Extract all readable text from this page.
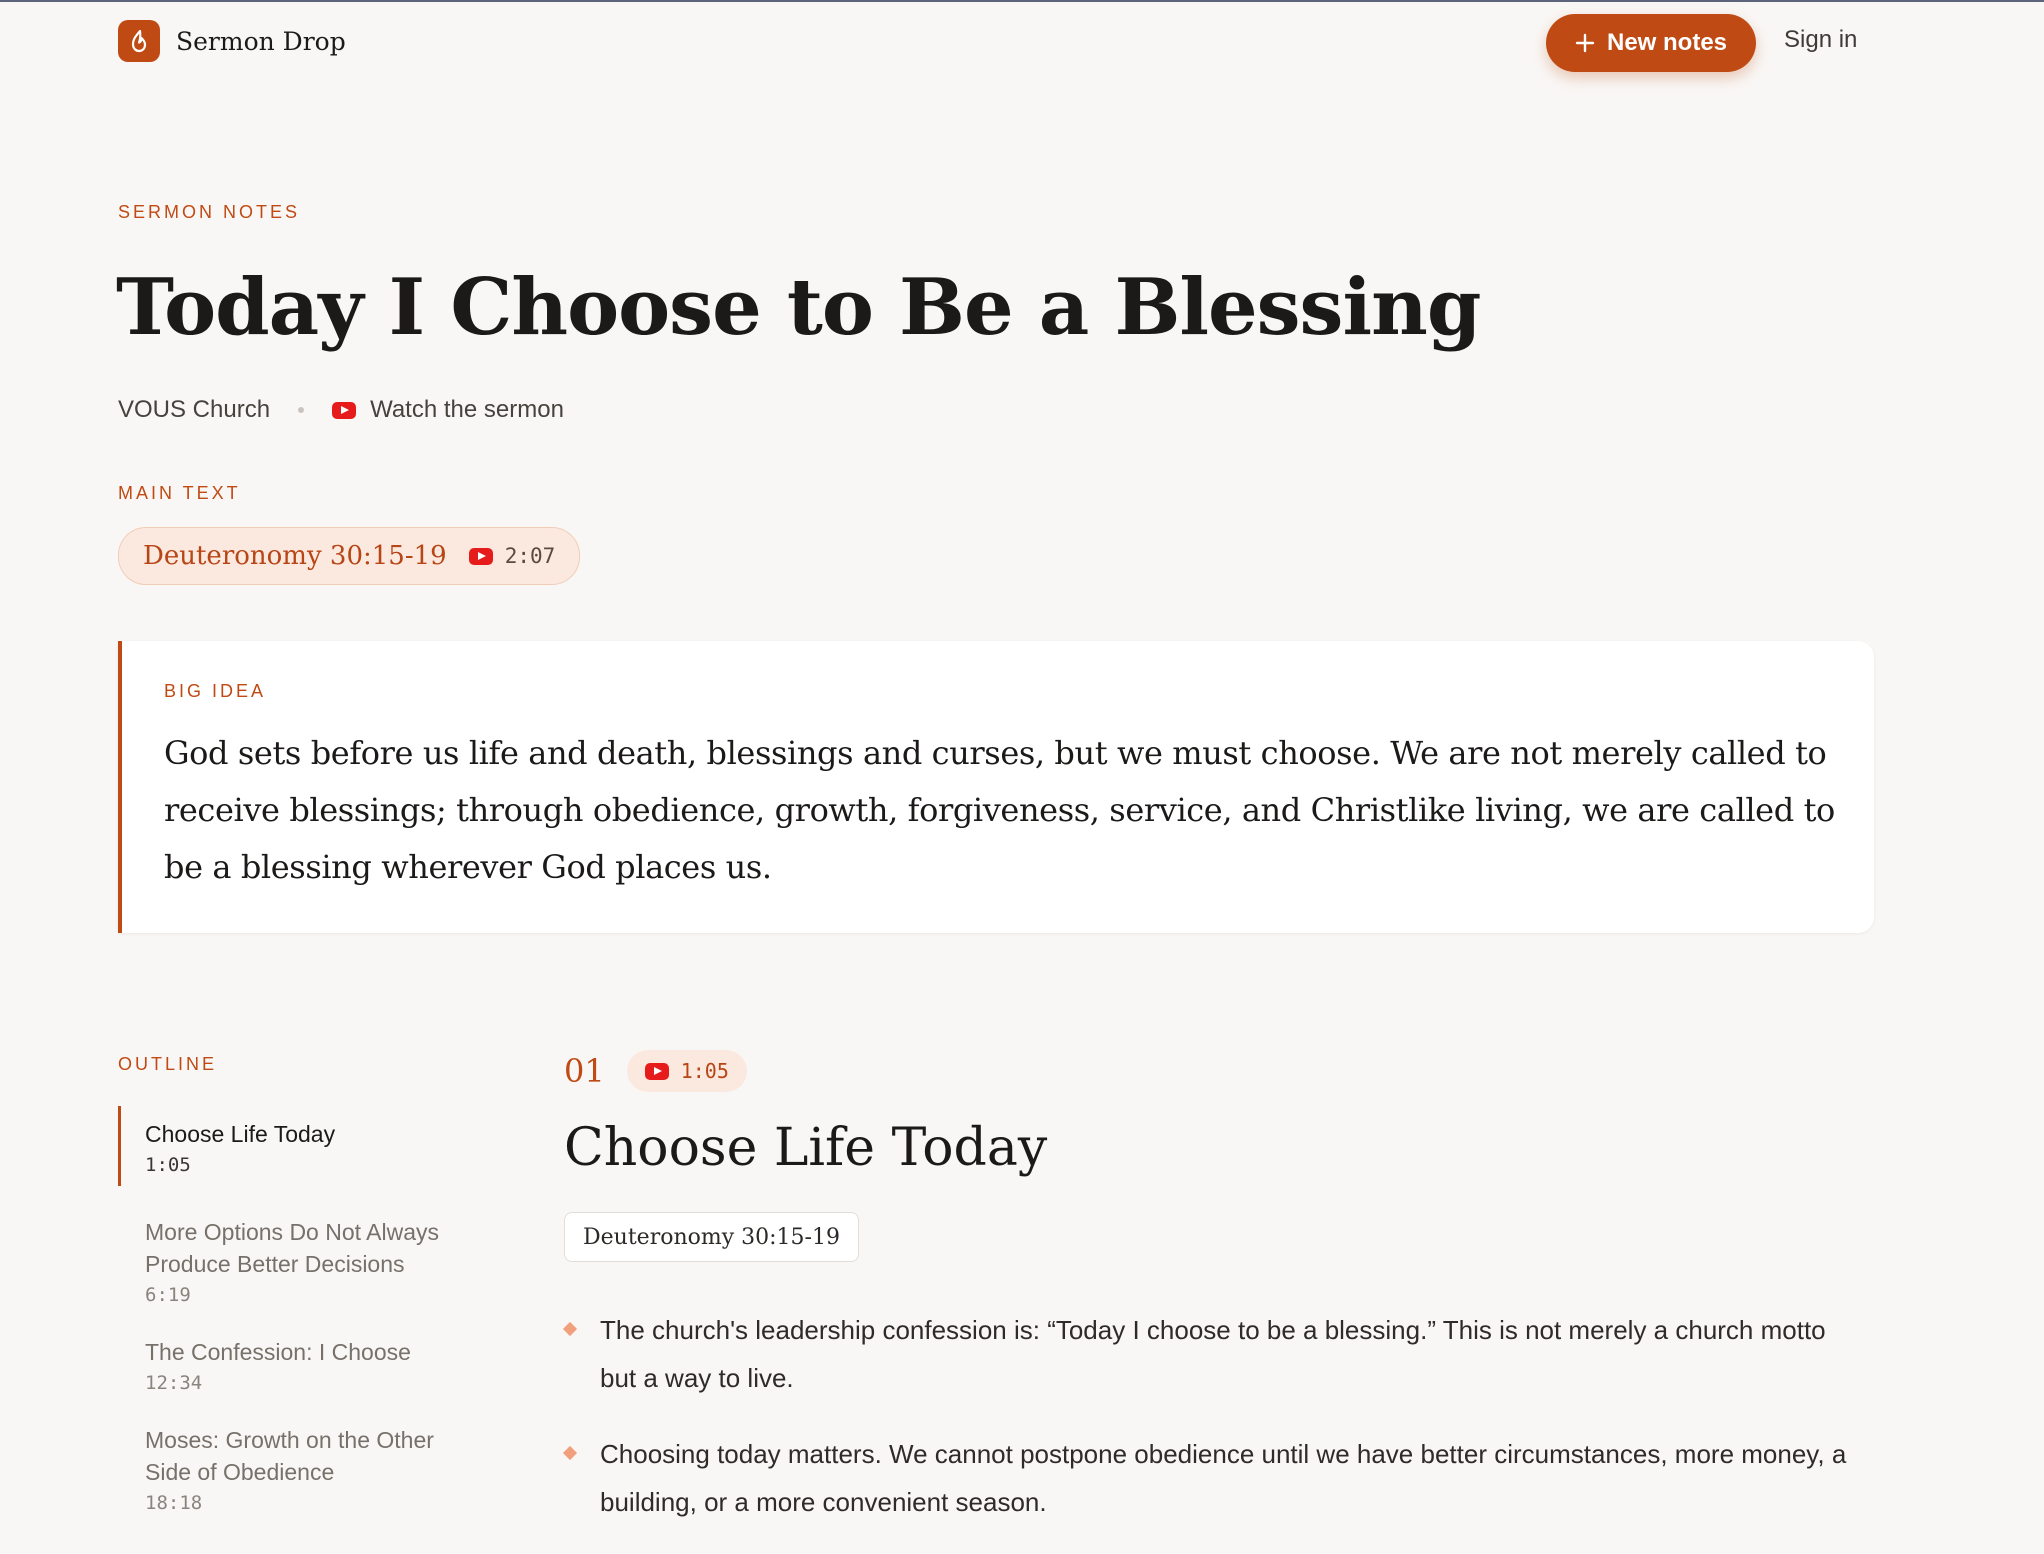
Sermon Drop	New notes Sign in
SERMON NOTES
Today I Choose to Be a Blessing
VOUS Church	Watch the sermon
MAIN TEXT
Deuteronomy 30:15-19	2:07
BIG IDEA

God sets before us life and death, blessings and curses, but we must choose. We are not merely called to receive blessings; through obedience, growth, forgiveness, service, and Christlike living, we are called to be a blessing wherever God places us.

OUTLINE
Choose Life Today
1:05
More Options Do Not Always Produce Better Decisions
6:19
The Confession: I Choose
12:34
Moses: Growth on the Other Side of Obedience
18:18
01	1:05
Choose Life Today
Deuteronomy 30:15-19
The church's leadership confession is: “Today I choose to be a blessing.” This is not merely a church motto but a way to live.
Choosing today matters. We cannot postpone obedience until we have better circumstances, more money, a building, or a more convenient season.
